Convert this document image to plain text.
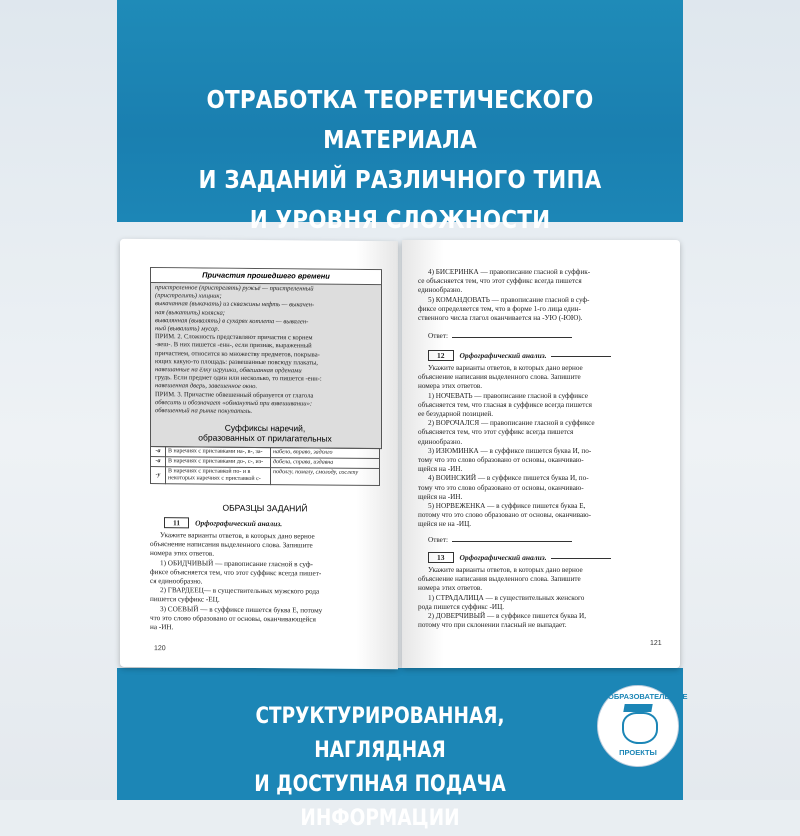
ОТРАБОТКА ТЕОРЕТИЧЕСКОГО МАТЕРИАЛА
И ЗАДАНИЙ РАЗЛИЧНОГО ТИПА
И УРОВНЯ СЛОЖНОСТИ
СТРУКТУРИРОВАННАЯ, НАГЛЯДНАЯ
И ДОСТУПНАЯ ПОДАЧА ИНФОРМАЦИИ
ОБРАЗОВАТЕЛЬНЫЕ
ПРОЕКТЫ
Причастия прошедшего времени
пристреленное (пристрелять) ружьё — пристреленный
(пристрелить) хищник;
выкачанная (выкачать) из скважины нефть — выкачен-
ная (выкатить) коляска;
вывалянная (вывалять) в сухарях котлета — вывален-
ный (вывалить) мусор.
ПРИМ. 2. Сложность представляют причастия с корнем
-веш-. В них пишется -енн-, если признак, выраженный
причастием, относится ко множеству предметов, покрыва-
ющих какую-то площадь: развешанные повсюду плакаты,
навешанные на ёлку игрушки, обвешанная орденами
грудь. Если предмет один или несколько, то пишется -енн-:
навешенная дверь, завешенное окно.
ПРИМ. 3. Причастие обвешенный образуется от глагола
обвесить и обозначает «обманутый при взвешивании»:
обвешенный на рынке покупатель.
Суффиксы наречий,
образованных от прилагательных
-а	В наречиях с приставками на-, в-, за-	набело, вправо, задолго
-а	В наречиях с приставками до-, с-, из-	добела, справа, издавна
-у	В наречиях с приставкой по- и в некоторых наречиях с приставкой с-	подолгу, помалу, смолоду, сослепу
ОБРАЗЦЫ ЗАДАНИЙ
11 Орфографический анализ.
Укажите варианты ответов, в которых дано верное
объяснение написания выделенного слова. Запишите
номера этих ответов.
1) ОБИДЧИВЫЙ — правописание гласной в суф-
фиксе объясняется тем, что этот суффикс всегда пишет-
ся единообразно.
2) ГВАРДЕЕЦ— в существительных мужского рода
пишется суффикс -ЕЦ.
3) СОЕВЫЙ — в суффиксе пишется буква Е, потому
что это слово образовано от основы, оканчивающейся
на -ИН.
120
4) БИСЕРИНКА — правописание гласной в суффик-
се объясняется тем, что этот суффикс всегда пишется
единообразно.
5) КОМАНДОВАТЬ — правописание гласной в суф-
фиксе определяется тем, что в форме 1-го лица един-
ственного числа глагол оканчивается на -УЮ (-ЮЮ).
Ответ:
12 Орфографический анализ.
Укажите варианты ответов, в которых дано верное
объяснение написания выделенного слова. Запишите
номера этих ответов.
1) НОЧЕВАТЬ — правописание гласной в суффиксе
объясняется тем, что гласная в суффиксе всегда пишется
ее безударной позицией.
2) ВОРОЧАЛСЯ — правописание гласной в суффиксе
объясняется тем, что этот суффикс всегда пишется
единообразно.
3) ИЗЮМИНКА — в суффиксе пишется буква И, по-
тому что это слово образовано от основы, оканчиваю-
щейся на -ИН.
4) ВОИНСКИЙ — в суффиксе пишется буква И, по-
тому что это слово образовано от основы, оканчиваю-
щейся на -ИН.
5) НОРВЕЖЕНКА — в суффиксе пишется буква Е,
потому что это слово образовано от основы, оканчиваю-
щейся не на -ИЦ.
Ответ:
13 Орфографический анализ.
Укажите варианты ответов, в которых дано верное
объяснение написания выделенного слова. Запишите
номера этих ответов.
1) СТРАДАЛИЦА — в существительных женского
рода пишется суффикс -ИЦ.
2) ДОВЕРЧИВЫЙ — в суффиксе пишется буква И,
потому что при склонении гласный не выпадает.
121
